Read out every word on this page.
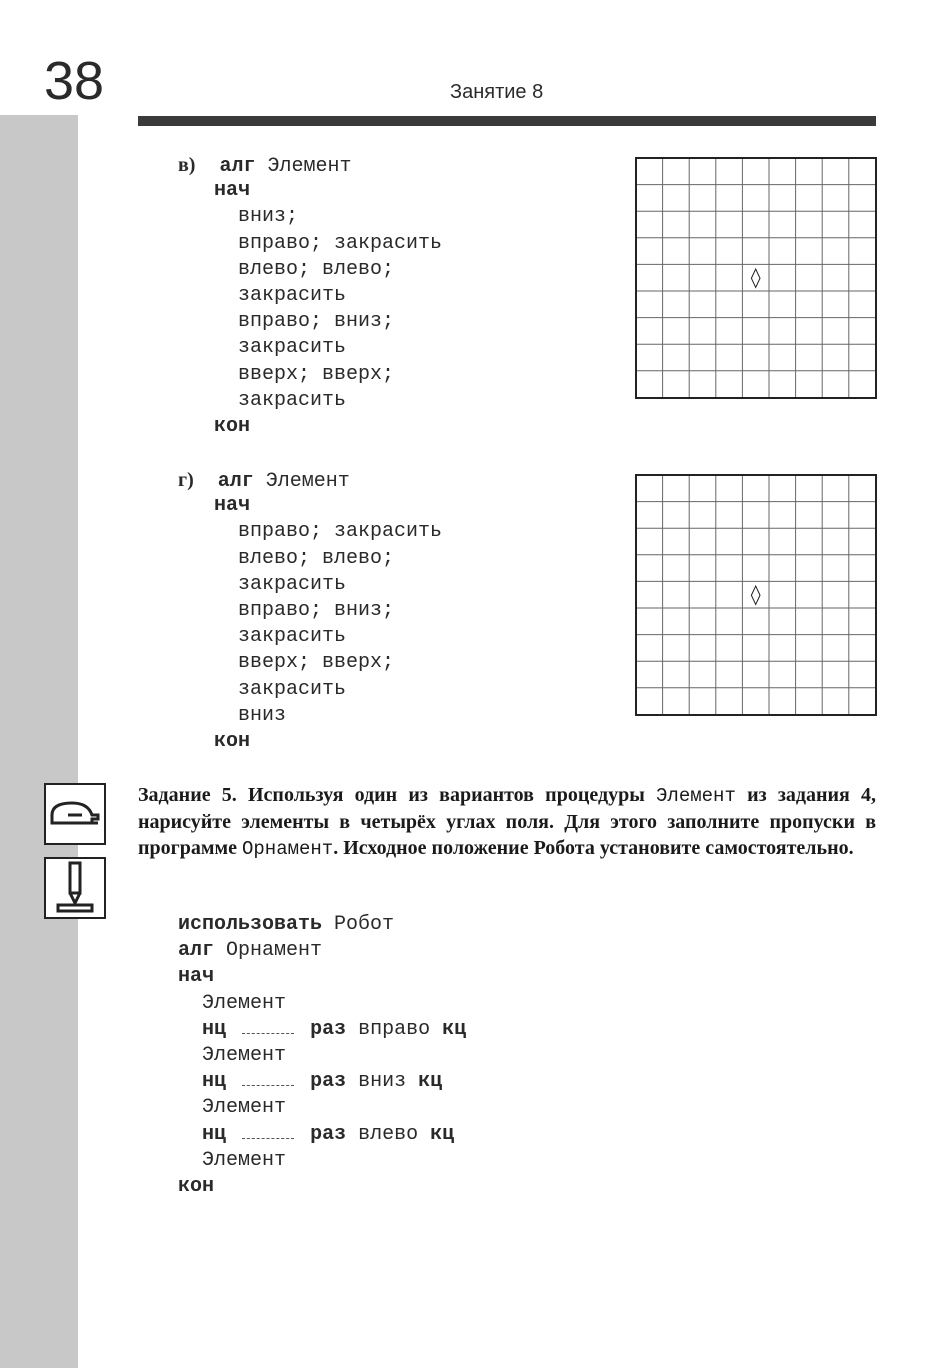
38	Занятие 8
в) алг Элемент
нач
вниз;
вправо; закрасить
влево; влево;
закрасить
вправо; вниз;
закрасить
вверх; вверх;
закрасить
кон
◊
г) алг Элемент
нач
вправо; закрасить
влево; влево;
закрасить
вправо; вниз;
закрасить
вверх; вверх;
закрасить
вниз
кон
◊
Задание 5. Используя один из вариантов процедуры Элемент из задания 4, нарисуйте элементы в четырёх углах поля. Для этого заполните пропуски в программе Орнамент. Исходное положение Робота установите самостоятельно.
использовать Робот
алг Орнамент
нач
Элемент
нц	раз вправо кц
Элемент
нц	раз вниз кц
Элемент
нц	раз влево кц
Элемент
кон
